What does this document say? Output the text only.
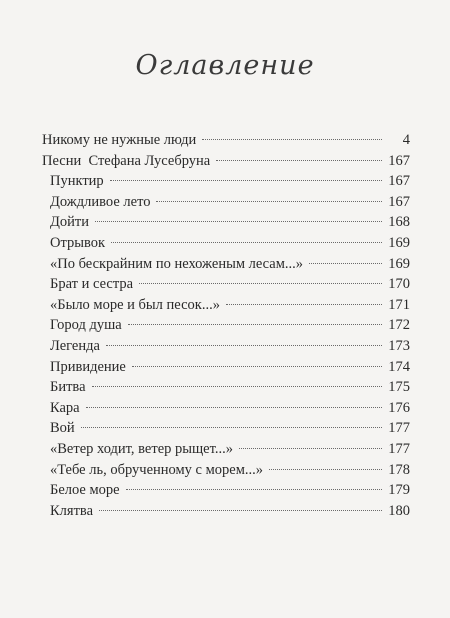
Оглавление
Никому не нужные люди	4
Песни  Стефана Лусебруна	167
Пунктир	167
Дождливое лето	167
Дойти	168
Отрывок	169
«По бескрайним по нехоженым лесам...»	169
Брат и сестра	170
«Было море и был песок...»	171
Город душа	172
Легенда	173
Привидение	174
Битва	175
Кара	176
Вой	177
«Ветер ходит, ветер рыщет...»	177
«Тебе ль, обрученному с морем...»	178
Белое море	179
Клятва	180
